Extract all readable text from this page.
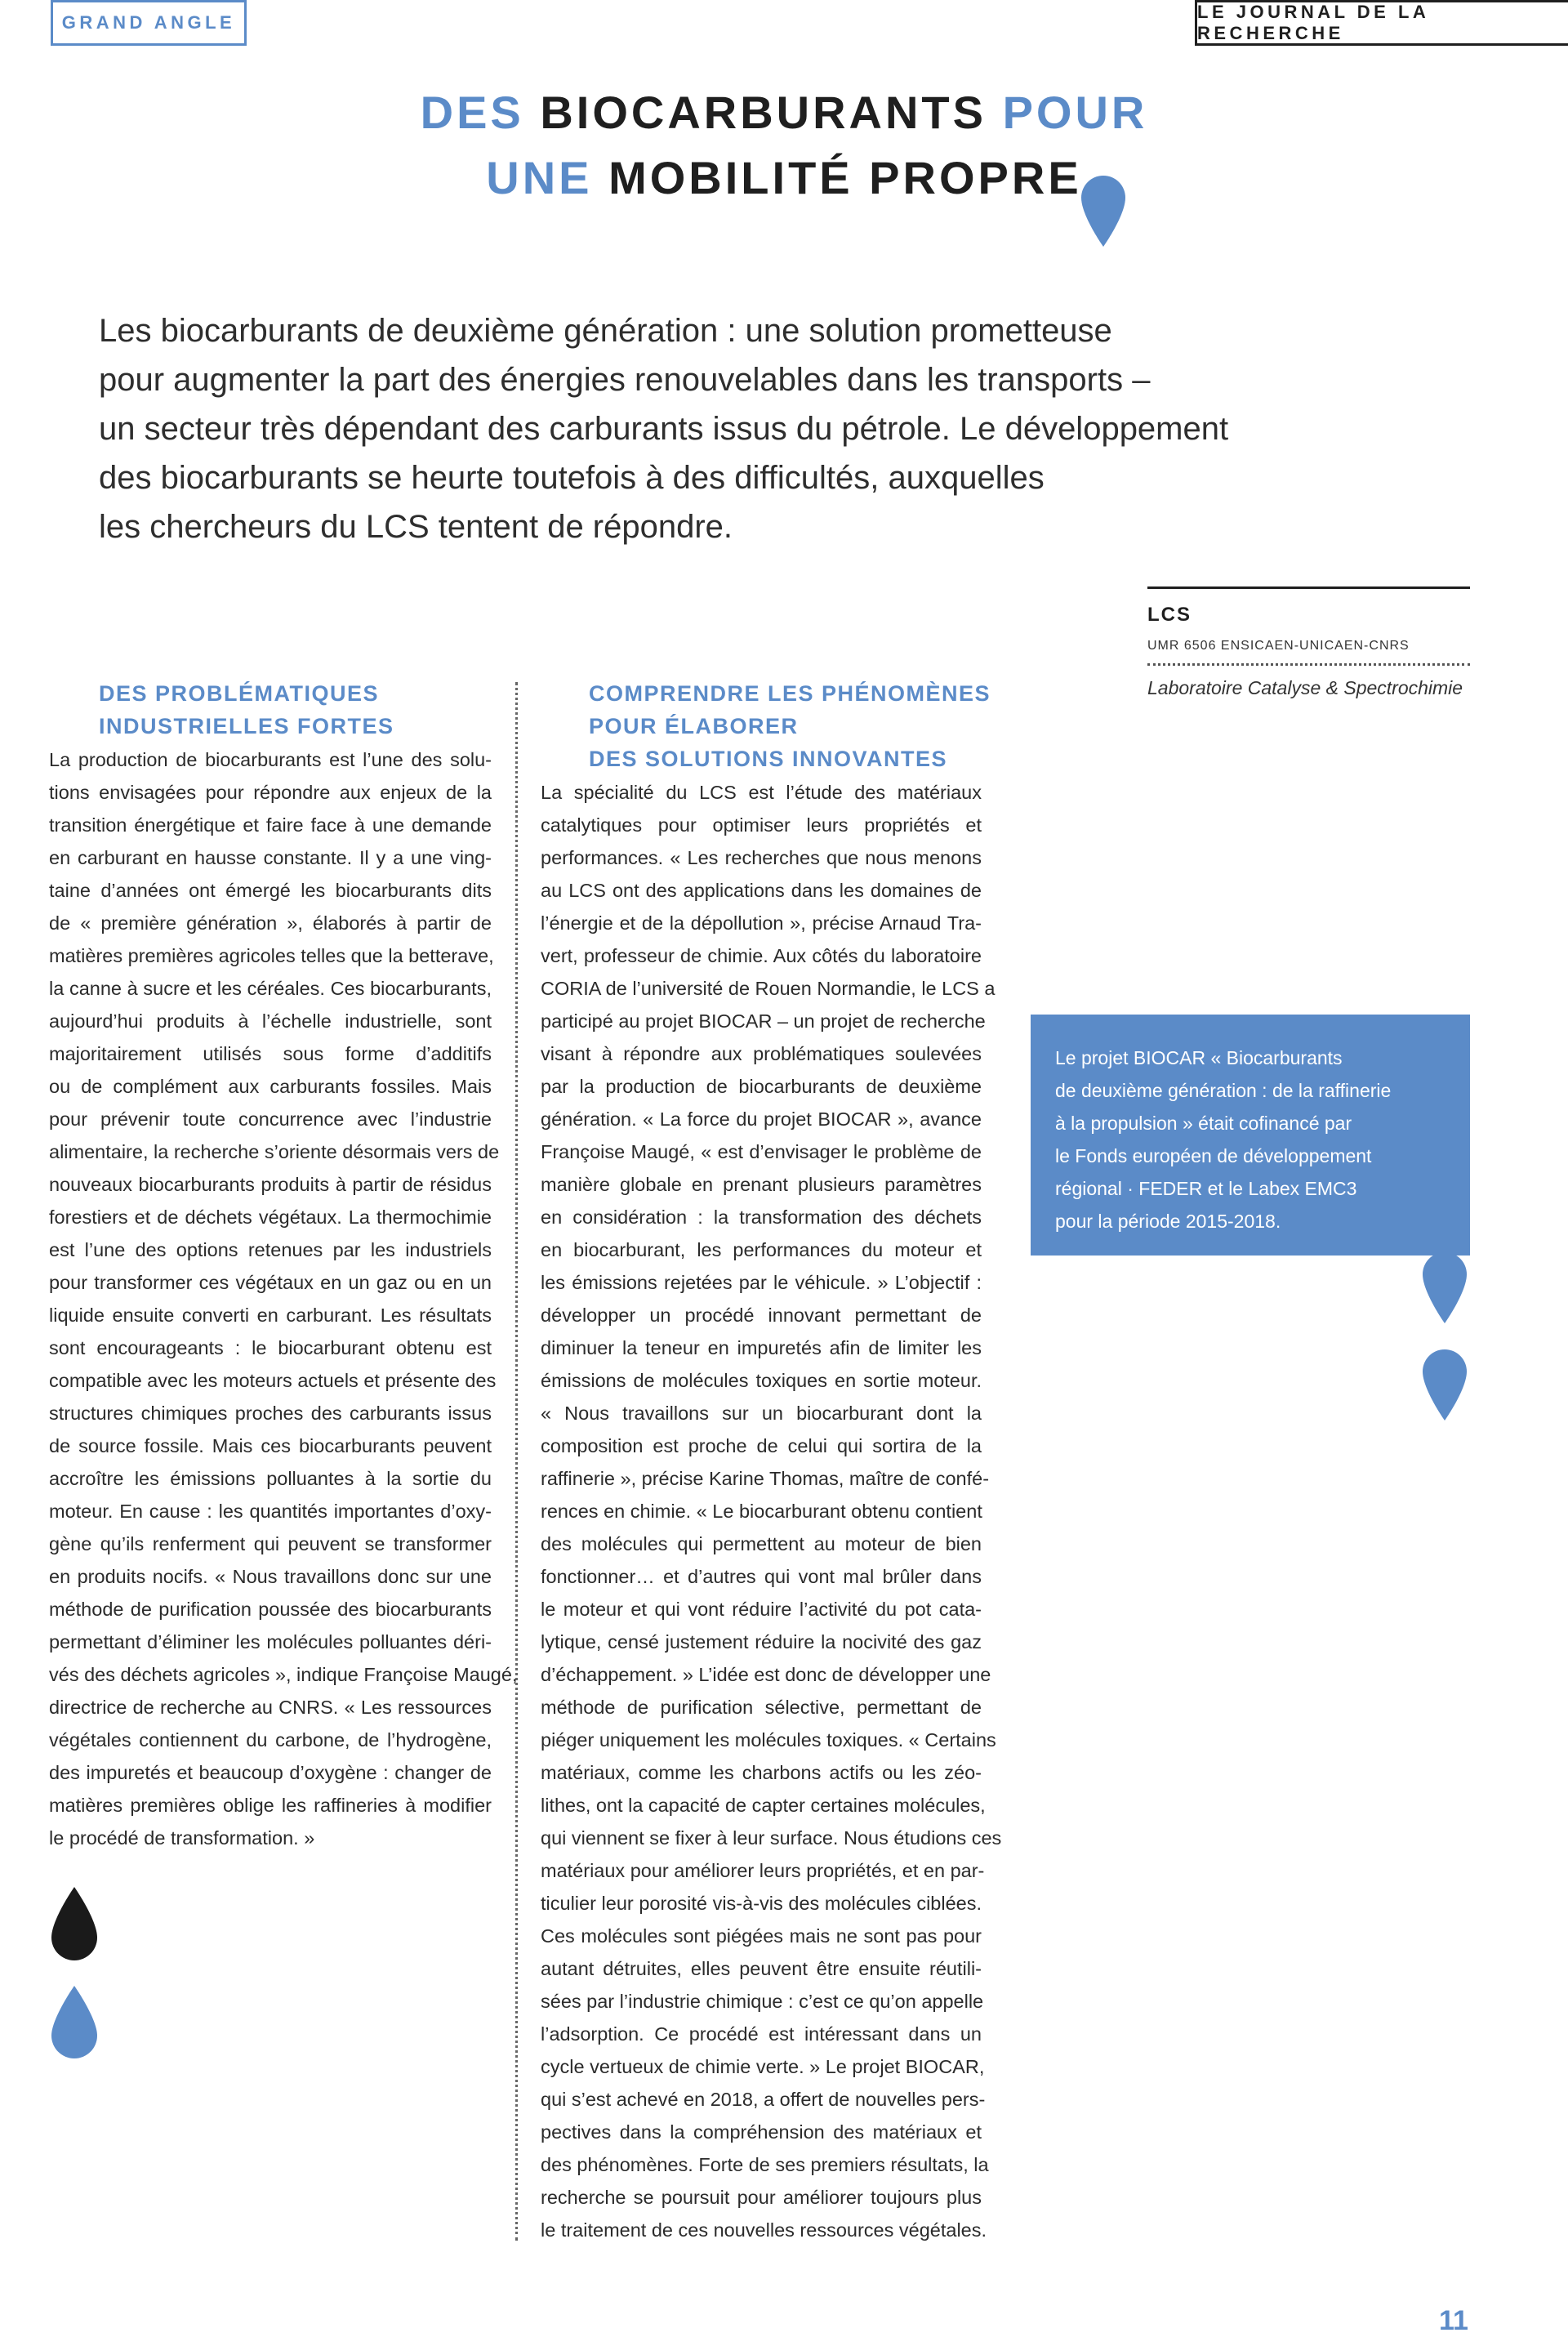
GRAND ANGLE
LE JOURNAL DE LA RECHERCHE
DES BIOCARBURANTS POUR
UNE MOBILITÉ PROPRE
Les biocarburants de deuxième génération : une solution prometteuse
pour augmenter la part des énergies renouvelables dans les transports –
un secteur très dépendant des carburants issus du pétrole. Le développement
des biocarburants se heurte toutefois à des difficultés, auxquelles
les chercheurs du LCS tentent de répondre.
LCS
UMR 6506 ENSICAEN-UNICAEN-CNRS
Laboratoire Catalyse & Spectrochimie
DES PROBLÉMATIQUES
INDUSTRIELLES FORTES
COMPRENDRE LES PHÉNOMÈNES
POUR ÉLABORER
DES SOLUTIONS INNOVANTES
La production de biocarburants est l’une des solu-
tions envisagées pour répondre aux enjeux de la
transition énergétique et faire face à une demande
en carburant en hausse constante. Il y a une ving-
taine d’années ont émergé les biocarburants dits
de « première génération », élaborés à partir de
matières premières agricoles telles que la betterave,
la canne à sucre et les céréales. Ces biocarburants,
aujourd’hui produits à l’échelle industrielle, sont
majoritairement utilisés sous forme d’additifs
ou de complément aux carburants fossiles. Mais
pour prévenir toute concurrence avec l’industrie
alimentaire, la recherche s’oriente désormais vers de
nouveaux biocarburants produits à partir de résidus
forestiers et de déchets végétaux. La thermochimie
est l’une des options retenues par les industriels
pour transformer ces végétaux en un gaz ou en un
liquide ensuite converti en carburant. Les résultats
sont encourageants : le biocarburant obtenu est
compatible avec les moteurs actuels et présente des
structures chimiques proches des carburants issus
de source fossile. Mais ces biocarburants peuvent
accroître les émissions polluantes à la sortie du
moteur. En cause : les quantités importantes d’oxy-
gène qu’ils renferment qui peuvent se transformer
en produits nocifs. « Nous travaillons donc sur une
méthode de purification poussée des biocarburants
permettant d’éliminer les molécules polluantes déri-
vés des déchets agricoles », indique Françoise Maugé,
directrice de recherche au CNRS. « Les ressources
végétales contiennent du carbone, de l’hydrogène,
des impuretés et beaucoup d’oxygène : changer de
matières premières oblige les raffineries à modifier
le procédé de transformation. »
La spécialité du LCS est l’étude des matériaux
catalytiques pour optimiser leurs propriétés et
performances. « Les recherches que nous menons
au LCS ont des applications dans les domaines de
l’énergie et de la dépollution », précise Arnaud Tra-
vert, professeur de chimie. Aux côtés du laboratoire
CORIA de l’université de Rouen Normandie, le LCS a
participé au projet BIOCAR – un projet de recherche
visant à répondre aux problématiques soulevées
par la production de biocarburants de deuxième
génération. « La force du projet BIOCAR », avance
Françoise Maugé, « est d’envisager le problème de
manière globale en prenant plusieurs paramètres
en considération : la transformation des déchets
en biocarburant, les performances du moteur et
les émissions rejetées par le véhicule. » L’objectif :
développer un procédé innovant permettant de
diminuer la teneur en impuretés afin de limiter les
émissions de molécules toxiques en sortie moteur.
« Nous travaillons sur un biocarburant dont la
composition est proche de celui qui sortira de la
raffinerie », précise Karine Thomas, maître de confé-
rences en chimie. « Le biocarburant obtenu contient
des molécules qui permettent au moteur de bien
fonctionner… et d’autres qui vont mal brûler dans
le moteur et qui vont réduire l’activité du pot cata-
lytique, censé justement réduire la nocivité des gaz
d’échappement. » L’idée est donc de développer une
méthode de purification sélective, permettant de
piéger uniquement les molécules toxiques. « Certains
matériaux, comme les charbons actifs ou les zéo-
lithes, ont la capacité de capter certaines molécules,
qui viennent se fixer à leur surface. Nous étudions ces
matériaux pour améliorer leurs propriétés, et en par-
ticulier leur porosité vis-à-vis des molécules ciblées.
Ces molécules sont piégées mais ne sont pas pour
autant détruites, elles peuvent être ensuite réutili-
sées par l’industrie chimique : c’est ce qu’on appelle
l’adsorption. Ce procédé est intéressant dans un
cycle vertueux de chimie verte. » Le projet BIOCAR,
qui s’est achevé en 2018, a offert de nouvelles pers-
pectives dans la compréhension des matériaux et
des phénomènes. Forte de ses premiers résultats, la
recherche se poursuit pour améliorer toujours plus
le traitement de ces nouvelles ressources végétales.
Le projet BIOCAR « Biocarburants
de deuxième génération : de la raffinerie
à la propulsion » était cofinancé par
le Fonds européen de développement
régional · FEDER et le Labex EMC3
pour la période 2015-2018.
11
